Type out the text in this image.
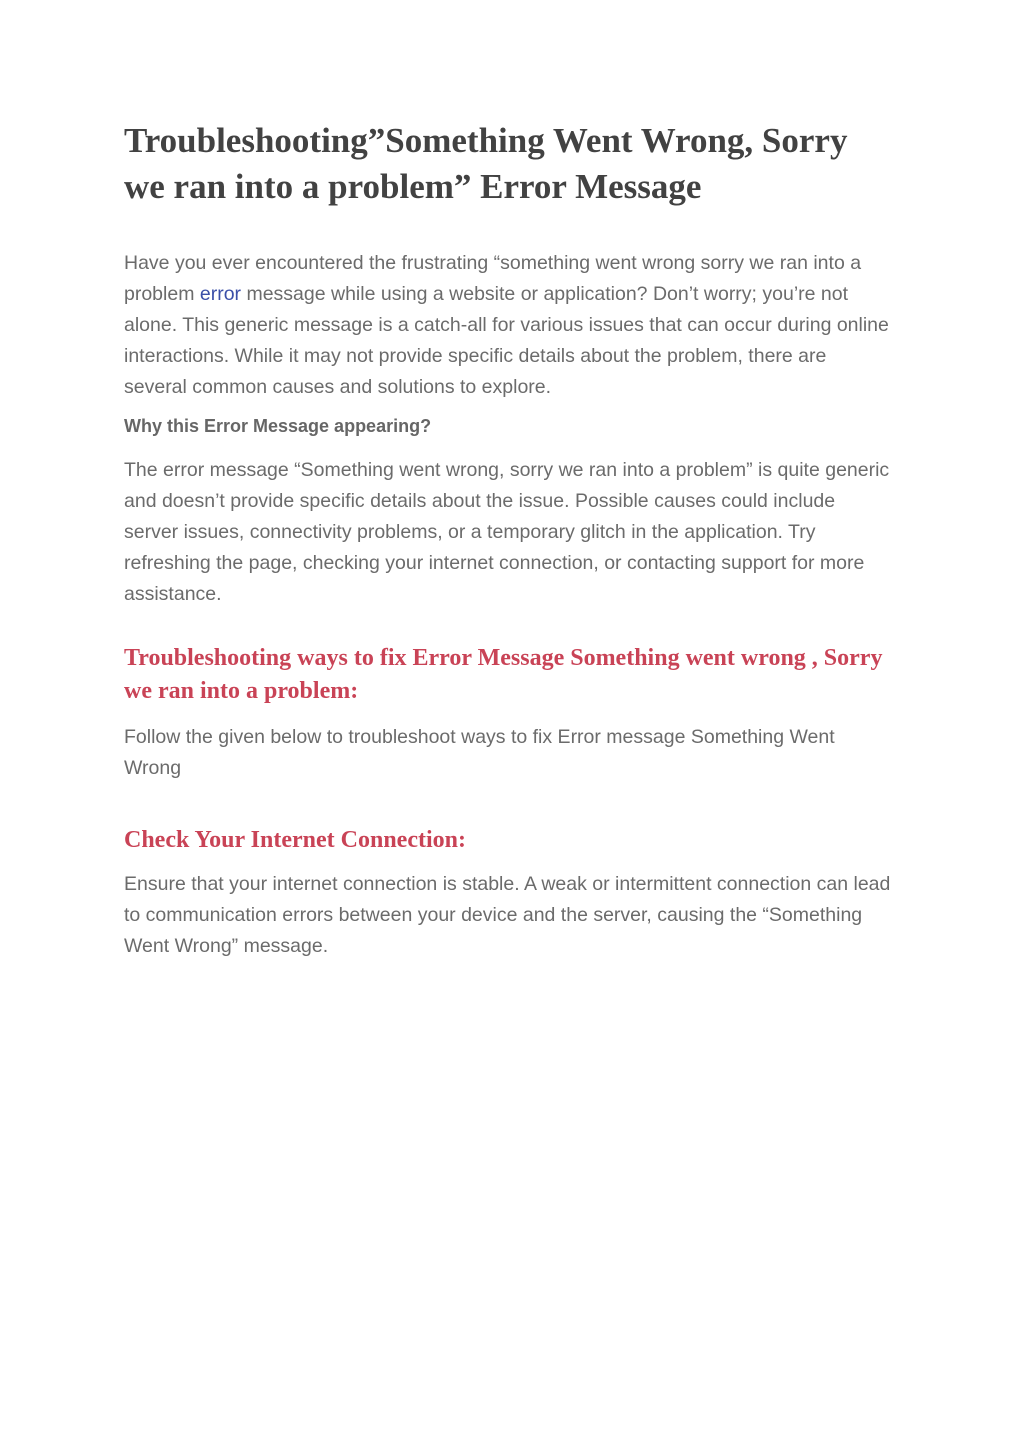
Troubleshooting”Something Went Wrong, Sorry we ran into a problem” Error Message

Have you ever encountered the frustrating “something went wrong sorry we ran into a problem error message while using a website or application? Don’t worry; you’re not alone. This generic message is a catch-all for various issues that can occur during online interactions. While it may not provide specific details about the problem, there are several common causes and solutions to explore.

Why this Error Message appearing?

The error message “Something went wrong, sorry we ran into a problem” is quite generic and doesn’t provide specific details about the issue. Possible causes could include server issues, connectivity problems, or a temporary glitch in the application. Try refreshing the page, checking your internet connection, or contacting support for more assistance.

Troubleshooting ways to fix Error Message Something went wrong , Sorry we ran into a problem:

Follow the given below to troubleshoot ways to fix Error message Something Went Wrong

Check Your Internet Connection:

Ensure that your internet connection is stable. A weak or intermittent connection can lead to communication errors between your device and the server, causing the “Something Went Wrong” message.
